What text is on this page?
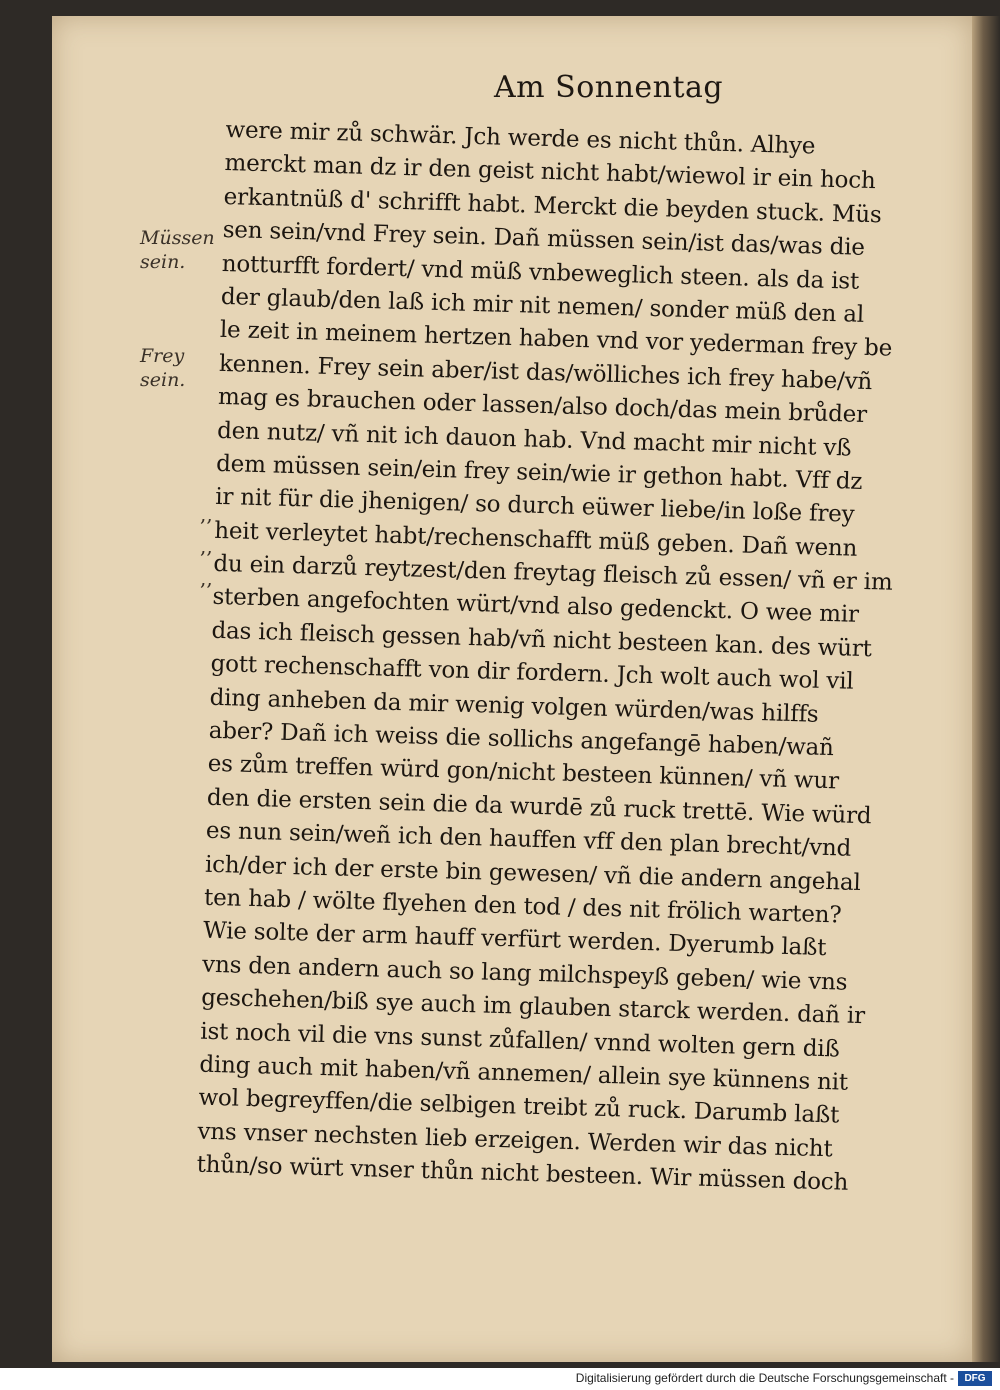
Am Sonnentag
Müssen sein.
Frey sein.
,,
,,
,,
were mir zů schwär. Jch werde es nicht thůn. Alhye
merckt man dz ir den geist nicht habt/wiewol ir ein hoch
erkantnüß d' schrifft habt. Merckt die beyden stuck. Müs
sen sein/vnd Frey sein. Dañ müssen sein/ist das/was die
notturfft fordert/ vnd müß vnbeweglich steen. als da ist
der glaub/den laß ich mir nit nemen/ sonder müß den al
le zeit in meinem hertzen haben vnd vor yederman frey be
kennen. Frey sein aber/ist das/wölliches ich frey habe/vñ
mag es brauchen oder lassen/also doch/das mein brůder
den nutz/ vñ nit ich dauon hab. Vnd macht mir nicht vß
dem müssen sein/ein frey sein/wie ir gethon habt. Vff dz
ir nit für die jhenigen/ so durch eüwer liebe/in loße frey
heit verleytet habt/rechenschafft müß geben. Dañ wenn
du ein darzů reytzest/den freytag fleisch zů essen/ vñ er im
sterben angefochten würt/vnd also gedenckt. O wee mir
das ich fleisch gessen hab/vñ nicht besteen kan. des würt
gott rechenschafft von dir fordern. Jch wolt auch wol vil
ding anheben da mir wenig volgen würden/was hilffs
aber? Dañ ich weiss die sollichs angefangē haben/wañ
es zům treffen würd gon/nicht besteen künnen/ vñ wur
den die ersten sein die da wurdē zů ruck trettē. Wie würd
es nun sein/weñ ich den hauffen vff den plan brecht/vnd
ich/der ich der erste bin gewesen/ vñ die andern angehal
ten hab / wölte flyehen den tod / des nit frölich warten?
Wie solte der arm hauff verfürt werden. Dyerumb laßt
vns den andern auch so lang milchspeyß geben/ wie vns
geschehen/biß sye auch im glauben starck werden. dañ ir
ist noch vil die vns sunst zůfallen/ vnnd wolten gern diß
ding auch mit haben/vñ annemen/ allein sye künnens nit
wol begreyffen/die selbigen treibt zů ruck. Darumb laßt
vns vnser nechsten lieb erzeigen. Werden wir das nicht
thůn/so würt vnser thůn nicht besteen. Wir müssen doch
Digitalisierung gefördert durch die Deutsche Forschungsgemeinschaft -	DFG
